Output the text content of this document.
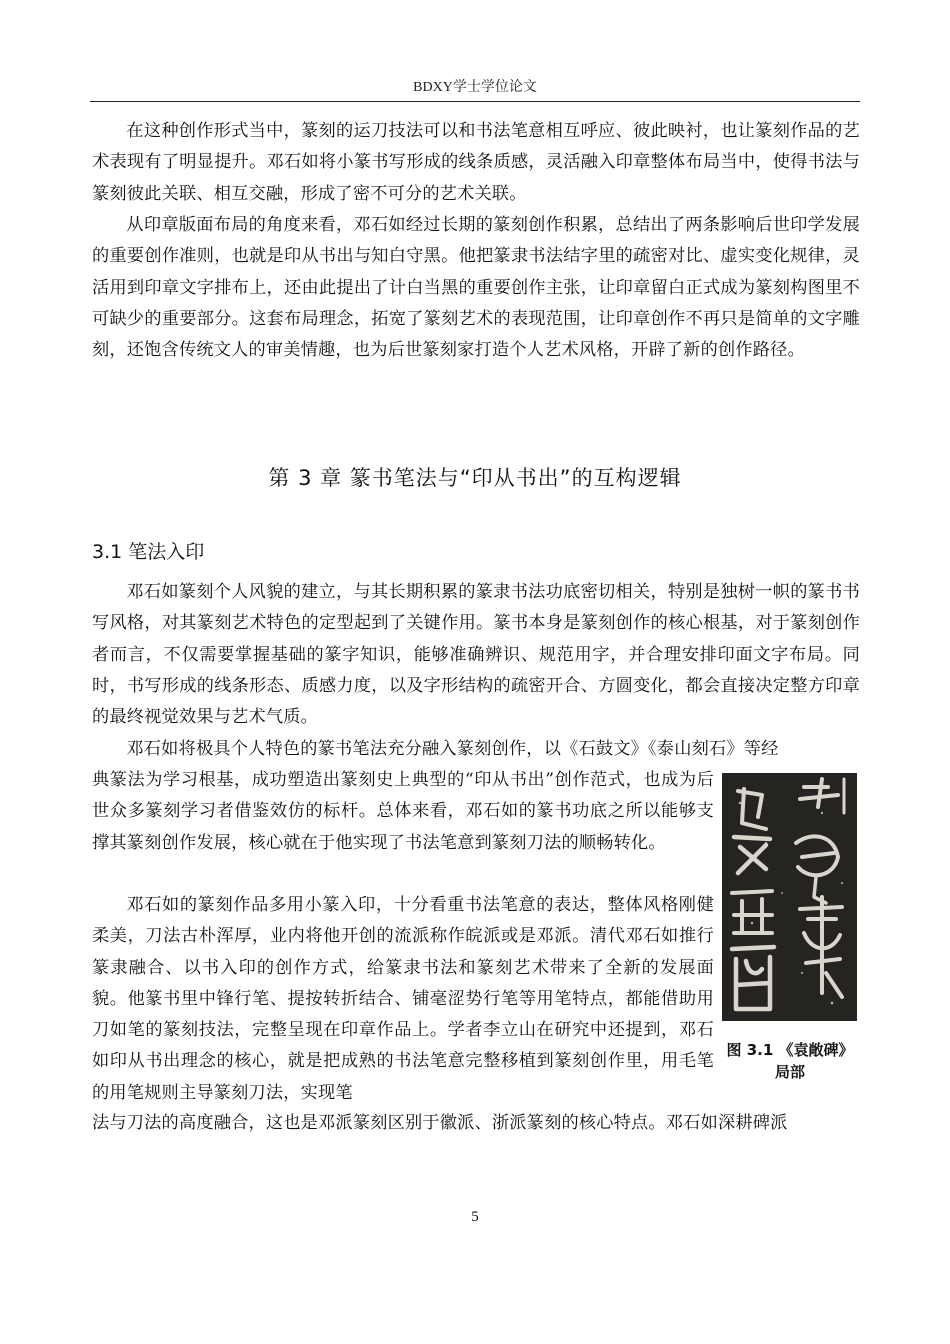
BDXY学士学位论文

在这种创作形式当中，篆刻的运刀技法可以和书法笔意相互呼应、彼此映衬，也让篆刻作品的艺术表现有了明显提升。邓石如将小篆书写形成的线条质感，灵活融入印章整体布局当中，使得书法与篆刻彼此关联、相互交融，形成了密不可分的艺术关联。

从印章版面布局的角度来看，邓石如经过长期的篆刻创作积累，总结出了两条影响后世印学发展的重要创作准则，也就是印从书出与知白守黑。他把篆隶书法结字里的疏密对比、虚实变化规律，灵活用到印章文字排布上，还由此提出了计白当黑的重要创作主张，让印章留白正式成为篆刻构图里不可缺少的重要部分。这套布局理念，拓宽了篆刻艺术的表现范围，让印章创作不再只是简单的文字雕刻，还饱含传统文人的审美情趣，也为后世篆刻家打造个人艺术风格，开辟了新的创作路径。

第 3 章 篆书笔法与“印从书出”的互构逻辑
3.1 笔法入印

邓石如篆刻个人风貌的建立，与其长期积累的篆隶书法功底密切相关，特别是独树一帜的篆书书写风格，对其篆刻艺术特色的定型起到了关键作用。篆书本身是篆刻创作的核心根基，对于篆刻创作者而言，不仅需要掌握基础的篆字知识，能够准确辨识、规范用字，并合理安排印面文字布局。同时，书写形成的线条形态、质感力度，以及字形结构的疏密开合、方圆变化，都会直接决定整方印章的最终视觉效果与艺术气质。

邓石如将极具个人特色的篆书笔法充分融入篆刻创作，以《石鼓文》《泰山刻石》等经

典篆法为学习根基，成功塑造出篆刻史上典型的“印从书出”创作范式，也成为后世众多篆刻学习者借鉴效仿的标杆。总体来看，邓石如的篆书功底之所以能够支撑其篆刻创作发展，核心就在于他实现了书法笔意到篆刻刀法的顺畅转化。

邓石如的篆刻作品多用小篆入印，十分看重书法笔意的表达，整体风格刚健柔美，刀法古朴浑厚，业内将他开创的流派称作皖派或是邓派。清代邓石如推行篆隶融合、以书入印的创作方式，给篆隶书法和篆刻艺术带来了全新的发展面貌。他篆书里中锋行笔、提按转折结合、铺毫涩势行笔等用笔特点，都能借助用刀如笔的篆刻技法，完整呈现在印章作品上。学者李立山在研究中还提到，邓石如印从书出理念的核心，就是把成熟的书法笔意完整移植到篆刻创作里，用毛笔的用笔规则主导篆刻刀法，实现笔

法与刀法的高度融合，这也是邓派篆刻区别于徽派、浙派篆刻的核心特点。邓石如深耕碑派

图 3.1 《袁敞碑》局部
5
